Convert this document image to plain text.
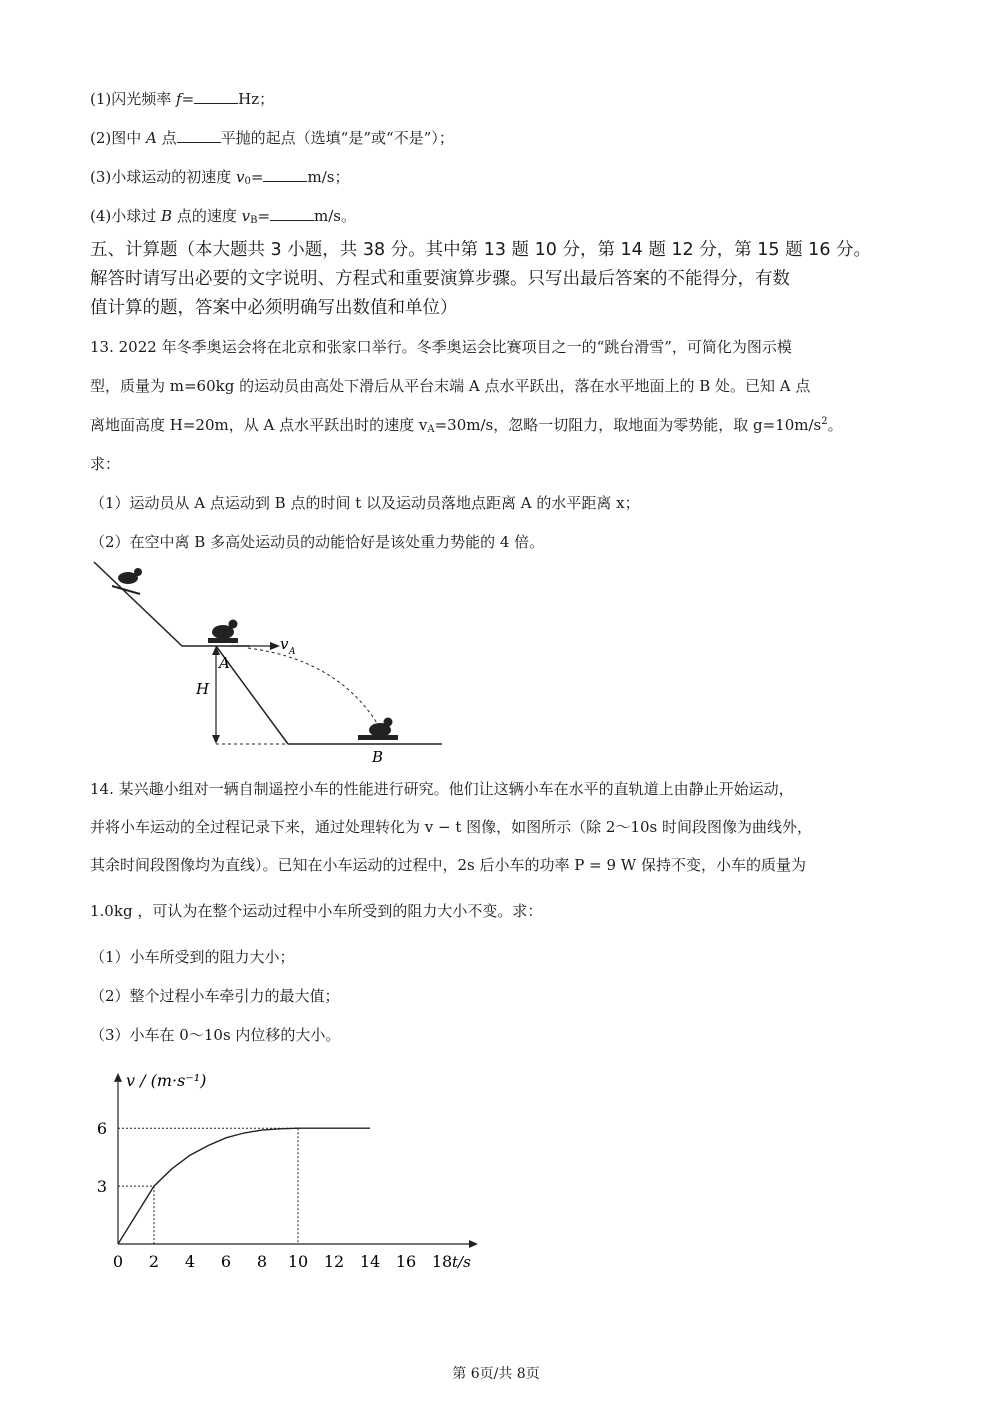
(1)闪光频率 f=	Hz；
(2)图中 A 点	平抛的起点（选填“是”或“不是”）；
(3)小球运动的初速度 $v_0=$	m/s；
(4)小球过 B 点的速度 $v_B=$	m/s。
五、计算题（本大题共 3 小题，共 38 分。其中第 13 题 10 分，第 14 题 12 分，第 15 题 16 分。
解答时请写出必要的文字说明、方程式和重要演算步骤。只写出最后答案的不能得分，有数
值计算的题，答案中必须明确写出数值和单位）
13. 2022 年冬季奥运会将在北京和张家口举行。冬季奥运会比赛项目之一的“跳台滑雪”，可简化为图示模
型，质量为 m=60kg 的运动员由高处下滑后从平台末端 A 点水平跃出，落在水平地面上的 B 处。已知 A 点
离地面高度 H=20m，从 A 点水平跃出时的速度 $v_A=30m/s$，忽略一切阻力，取地面为零势能，取 $g=10m/s^2$。
求：
（1）运动员从 A 点运动到 B 点的时间 t 以及运动员落地点距离 A 的水平距离 x；
（2）在空中离 B 多高处运动员的动能恰好是该处重力势能的 4 倍。
v A
A
H
B
14. 某兴趣小组对一辆自制遥控小车的性能进行研究。他们让这辆小车在水平的直轨道上由静止开始运动，
并将小车运动的全过程记录下来，通过处理转化为 v − t 图像，如图所示（除 2～10s 时间段图像为曲线外，
其余时间段图像均为直线）。已知在小车运动的过程中，2s 后小车的功率 P = 9 W 保持不变，小车的质量为
1.0kg ，可认为在整个运动过程中小车所受到的阻力大小不变。求：
（1）小车所受到的阻力大小；
（2）整个过程小车牵引力的最大值；
（3）小车在 0～10s 内位移的大小。
0 2 4 6 8 10 12 14 16 18
3
6
v / (m·s⁻¹)
t/s
第 6页/共 8页
